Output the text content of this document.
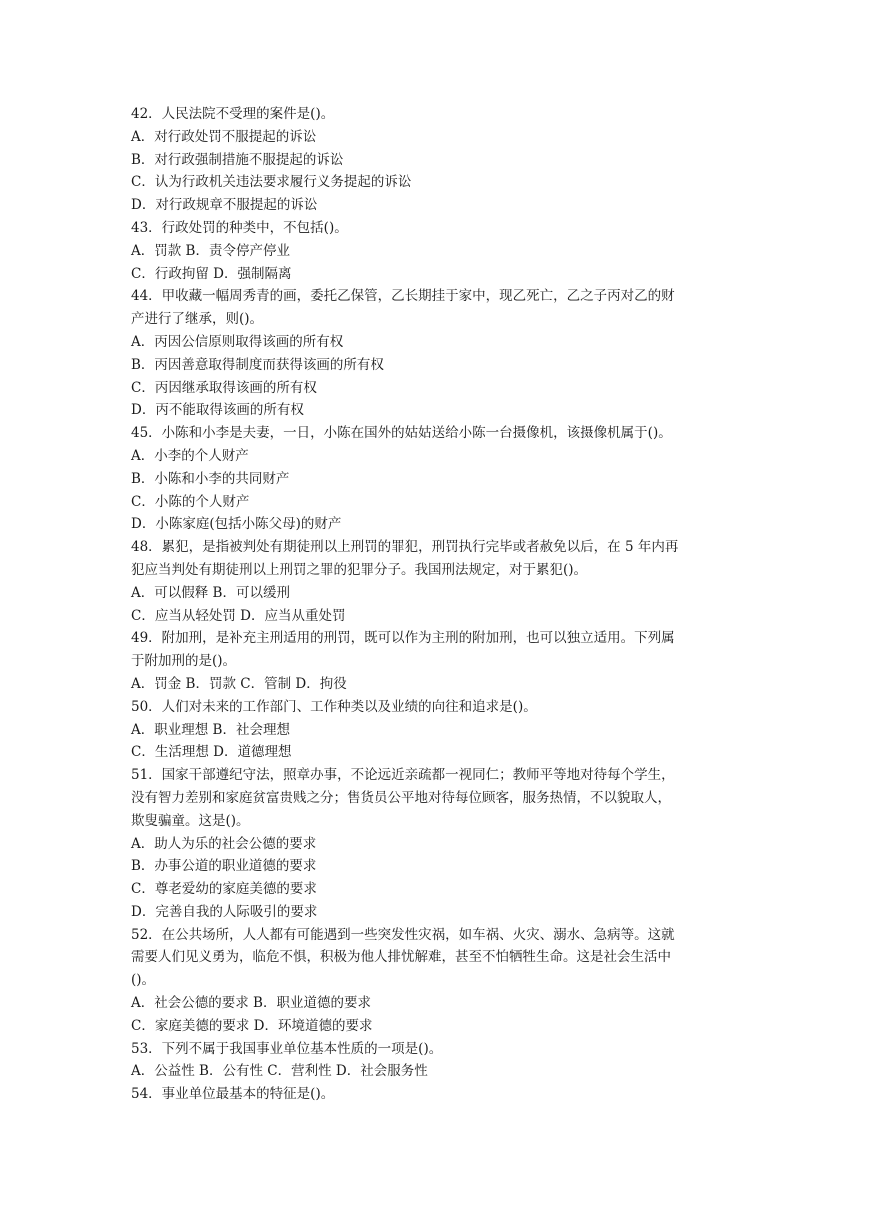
42．人民法院不受理的案件是()。
A．对行政处罚不服提起的诉讼
B．对行政强制措施不服提起的诉讼
C．认为行政机关违法要求履行义务提起的诉讼
D．对行政规章不服提起的诉讼
43．行政处罚的种类中，不包括()。
A．罚款 B．责令停产停业
C．行政拘留 D．强制隔离
44．甲收藏一幅周秀青的画，委托乙保管，乙长期挂于家中，现乙死亡，乙之子丙对乙的财
产进行了继承，则()。
A．丙因公信原则取得该画的所有权
B．丙因善意取得制度而获得该画的所有权
C．丙因继承取得该画的所有权
D．丙不能取得该画的所有权
45．小陈和小李是夫妻，一日，小陈在国外的姑姑送给小陈一台摄像机，该摄像机属于()。
A．小李的个人财产
B．小陈和小李的共同财产
C．小陈的个人财产
D．小陈家庭(包括小陈父母)的财产
48．累犯，是指被判处有期徒刑以上刑罚的罪犯，刑罚执行完毕或者赦免以后，在 5 年内再
犯应当判处有期徒刑以上刑罚之罪的犯罪分子。我国刑法规定，对于累犯()。
A．可以假释 B．可以缓刑
C．应当从轻处罚 D．应当从重处罚
49．附加刑，是补充主刑适用的刑罚，既可以作为主刑的附加刑，也可以独立适用。下列属
于附加刑的是()。
A．罚金 B．罚款 C．管制 D．拘役
50．人们对未来的工作部门、工作种类以及业绩的向往和追求是()。
A．职业理想 B．社会理想
C．生活理想 D．道德理想
51．国家干部遵纪守法，照章办事，不论远近亲疏都一视同仁；教师平等地对待每个学生，
没有智力差别和家庭贫富贵贱之分；售货员公平地对待每位顾客，服务热情，不以貌取人，
欺叟骗童。这是()。
A．助人为乐的社会公德的要求
B．办事公道的职业道德的要求
C．尊老爱幼的家庭美德的要求
D．完善自我的人际吸引的要求
52．在公共场所，人人都有可能遇到一些突发性灾祸，如车祸、火灾、溺水、急病等。这就
需要人们见义勇为，临危不惧，积极为他人排忧解难，甚至不怕牺牲生命。这是社会生活中
()。
A．社会公德的要求 B．职业道德的要求
C．家庭美德的要求 D．环境道德的要求
53．下列不属于我国事业单位基本性质的一项是()。
A．公益性 B．公有性 C．营利性 D．社会服务性
54．事业单位最基本的特征是()。
